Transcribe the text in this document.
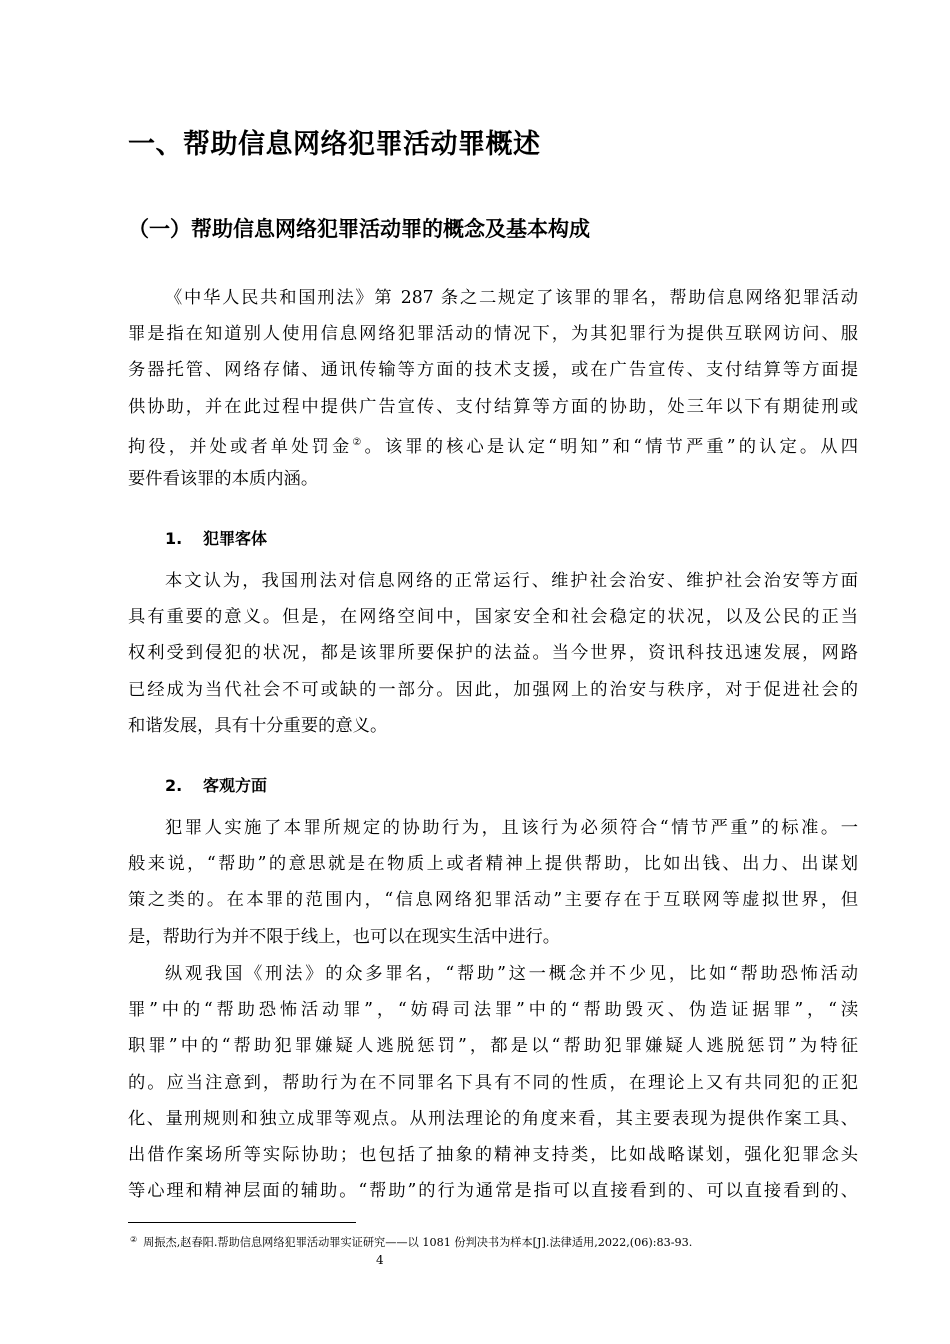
一、帮助信息网络犯罪活动罪概述
（一）帮助信息网络犯罪活动罪的概念及基本构成
《中华人民共和国刑法》第 287 条之二规定了该罪的罪名，帮助信息网络犯罪活动
罪是指在知道别人使用信息网络犯罪活动的情况下，为其犯罪行为提供互联网访问、服
务器托管、网络存储、通讯传输等方面的技术支援，或在广告宣传、支付结算等方面提
供协助，并在此过程中提供广告宣传、支付结算等方面的协助，处三年以下有期徒刑或
拘役，并处或者单处罚金②。该罪的核心是认定“明知”和“情节严重”的认定。从四
要件看该罪的本质内涵。
1. 犯罪客体
本文认为，我国刑法对信息网络的正常运行、维护社会治安、维护社会治安等方面
具有重要的意义。但是，在网络空间中，国家安全和社会稳定的状况，以及公民的正当
权利受到侵犯的状况，都是该罪所要保护的法益。当今世界，资讯科技迅速发展，网路
已经成为当代社会不可或缺的一部分。因此，加强网上的治安与秩序，对于促进社会的
和谐发展，具有十分重要的意义。
2. 客观方面
犯罪人实施了本罪所规定的协助行为，且该行为必须符合“情节严重”的标准。一
般来说，“帮助”的意思就是在物质上或者精神上提供帮助，比如出钱、出力、出谋划
策之类的。在本罪的范围内，“信息网络犯罪活动”主要存在于互联网等虚拟世界，但
是，帮助行为并不限于线上，也可以在现实生活中进行。
纵观我国《刑法》的众多罪名，“帮助”这一概念并不少见，比如“帮助恐怖活动
罪”中的“帮助恐怖活动罪”，“妨碍司法罪”中的“帮助毁灭、伪造证据罪”，“渎
职罪”中的“帮助犯罪嫌疑人逃脱惩罚”，都是以“帮助犯罪嫌疑人逃脱惩罚”为特征
的。应当注意到，帮助行为在不同罪名下具有不同的性质，在理论上又有共同犯的正犯
化、量刑规则和独立成罪等观点。从刑法理论的角度来看，其主要表现为提供作案工具、
出借作案场所等实际协助；也包括了抽象的精神支持类，比如战略谋划，强化犯罪念头
等心理和精神层面的辅助。“帮助”的行为通常是指可以直接看到的、可以直接看到的、
② 周振杰,赵春阳.帮助信息网络犯罪活动罪实证研究——以 1081 份判决书为样本[J].法律适用,2022,(06):83-93.
4
